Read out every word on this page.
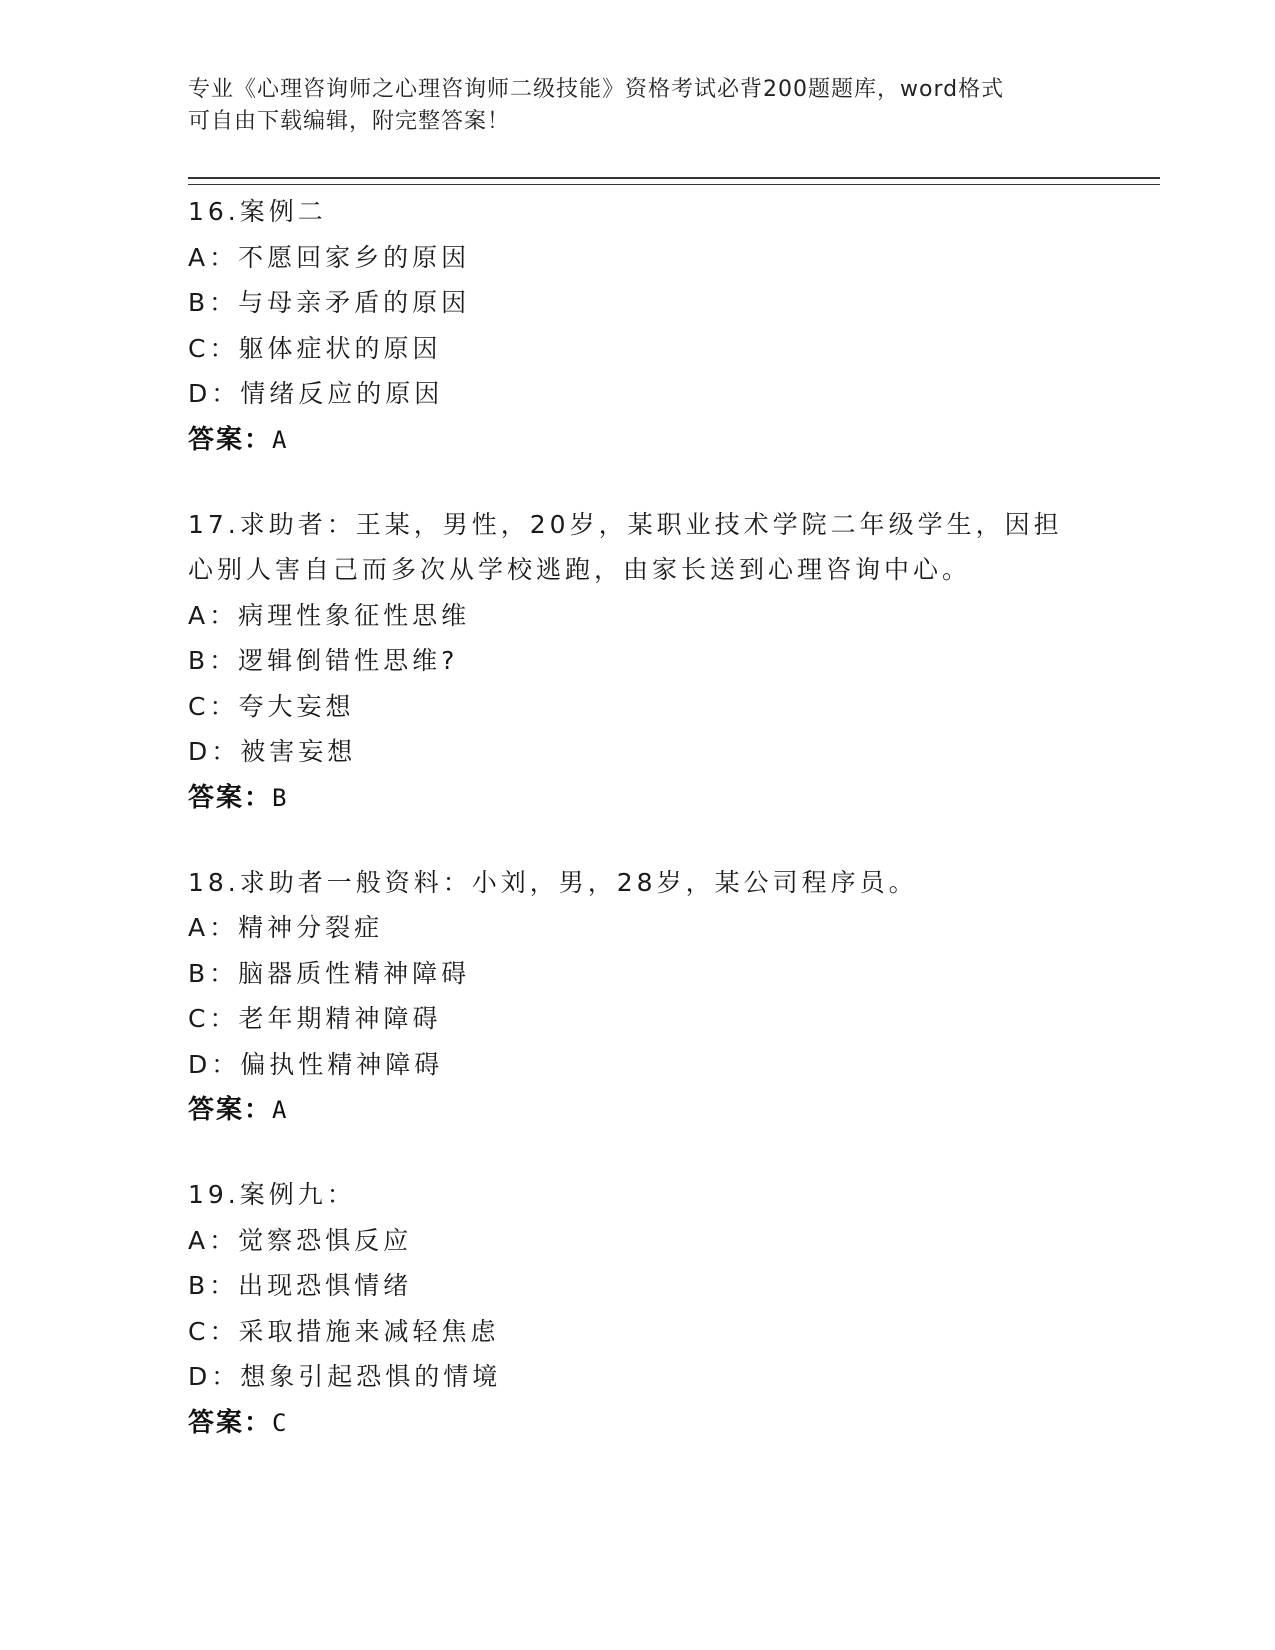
专业《心理咨询师之心理咨询师二级技能》资格考试必背200题题库，word格式
可自由下载编辑，附完整答案！
16.案例二
A：不愿回家乡的原因
B：与母亲矛盾的原因
C：躯体症状的原因
D：情绪反应的原因
答案：A
17.求助者：王某，男性，20岁，某职业技术学院二年级学生，因担心别人害自己而多次从学校逃跑，由家长送到心理咨询中心。
A：病理性象征性思维
B：逻辑倒错性思维?
C：夸大妄想
D：被害妄想
答案：B
18.求助者一般资料：小刘，男，28岁，某公司程序员。
A：精神分裂症
B：脑器质性精神障碍
C：老年期精神障碍
D：偏执性精神障碍
答案：A
19.案例九：
A：觉察恐惧反应
B：出现恐惧情绪
C：采取措施来减轻焦虑
D：想象引起恐惧的情境
答案：C
